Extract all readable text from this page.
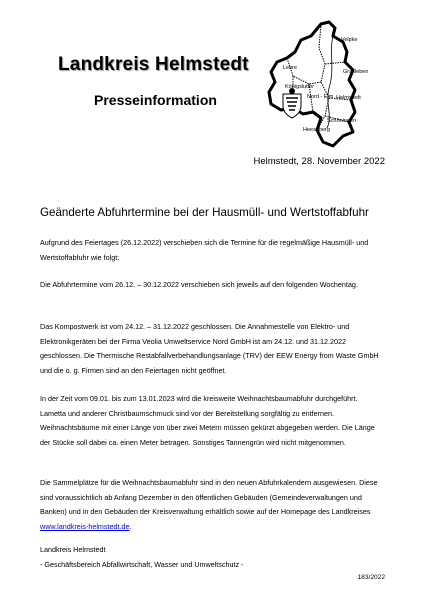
Landkreis Helmstedt
Presseinformation
Velpke
Lehre
Grasleben
Königslutter
Nord - Elm Helmstedt
Schöningen
Heeseberg

Helmstedt, 28. November 2022

Geänderte Abfuhrtermine bei der Hausmüll- und Wertstoffabfuhr

Aufgrund des Feiertages (26.12.2022) verschieben sich die Termine für die regelmäßige Hausmüll- und Wertstoffabfuhr wie folgt:

Die Abfuhrtermine vom 26.12. – 30.12.2022 verschieben sich jeweils auf den folgenden Wochentag.

Das Kompostwerk ist vom 24.12. – 31.12.2022 geschlossen. Die Annahmestelle von Elektro- und Elektronikgeräten bei der Firma Veolia Umweltservice Nord GmbH ist am 24.12. und 31.12.2022 geschlossen. Die Thermische Restabfallverbehandlungsanlage (TRV) der EEW Energy from Waste GmbH und die o. g. Firmen sind an den Feiertagen nicht geöffnet.

In der Zeit vom 09.01. bis zum 13.01.2023 wird die kreisweite Weihnachtsbaumabfuhr durchgeführt. Lametta und anderer Christbaumschmuck sind vor der Bereitstellung sorgfältig zu entfernen. Weihnachtsbäume mit einer Länge von über zwei Metern müssen gekürzt abgegeben werden. Die Länge der Stücke soll dabei ca. einen Meter betragen. Sonstiges Tannengrün wird nicht mitgenommen.

Die Sammelplätze für die Weihnachtsbaumabfuhr sind in den neuen Abfuhrkalendern ausgewiesen. Diese sind voraussichtlich ab Anfang Dezember in den öffentlichen Gebäuden (Gemeindeverwaltungen und Banken) und in den Gebäuden der Kreisverwaltung erhältlich sowie auf der Homepage des Landkreises www.landkreis-helmstedt.de.

Landkreis Helmstedt

- Geschäftsbereich Abfallwirtschaft, Wasser und Umweltschutz -

183/2022
